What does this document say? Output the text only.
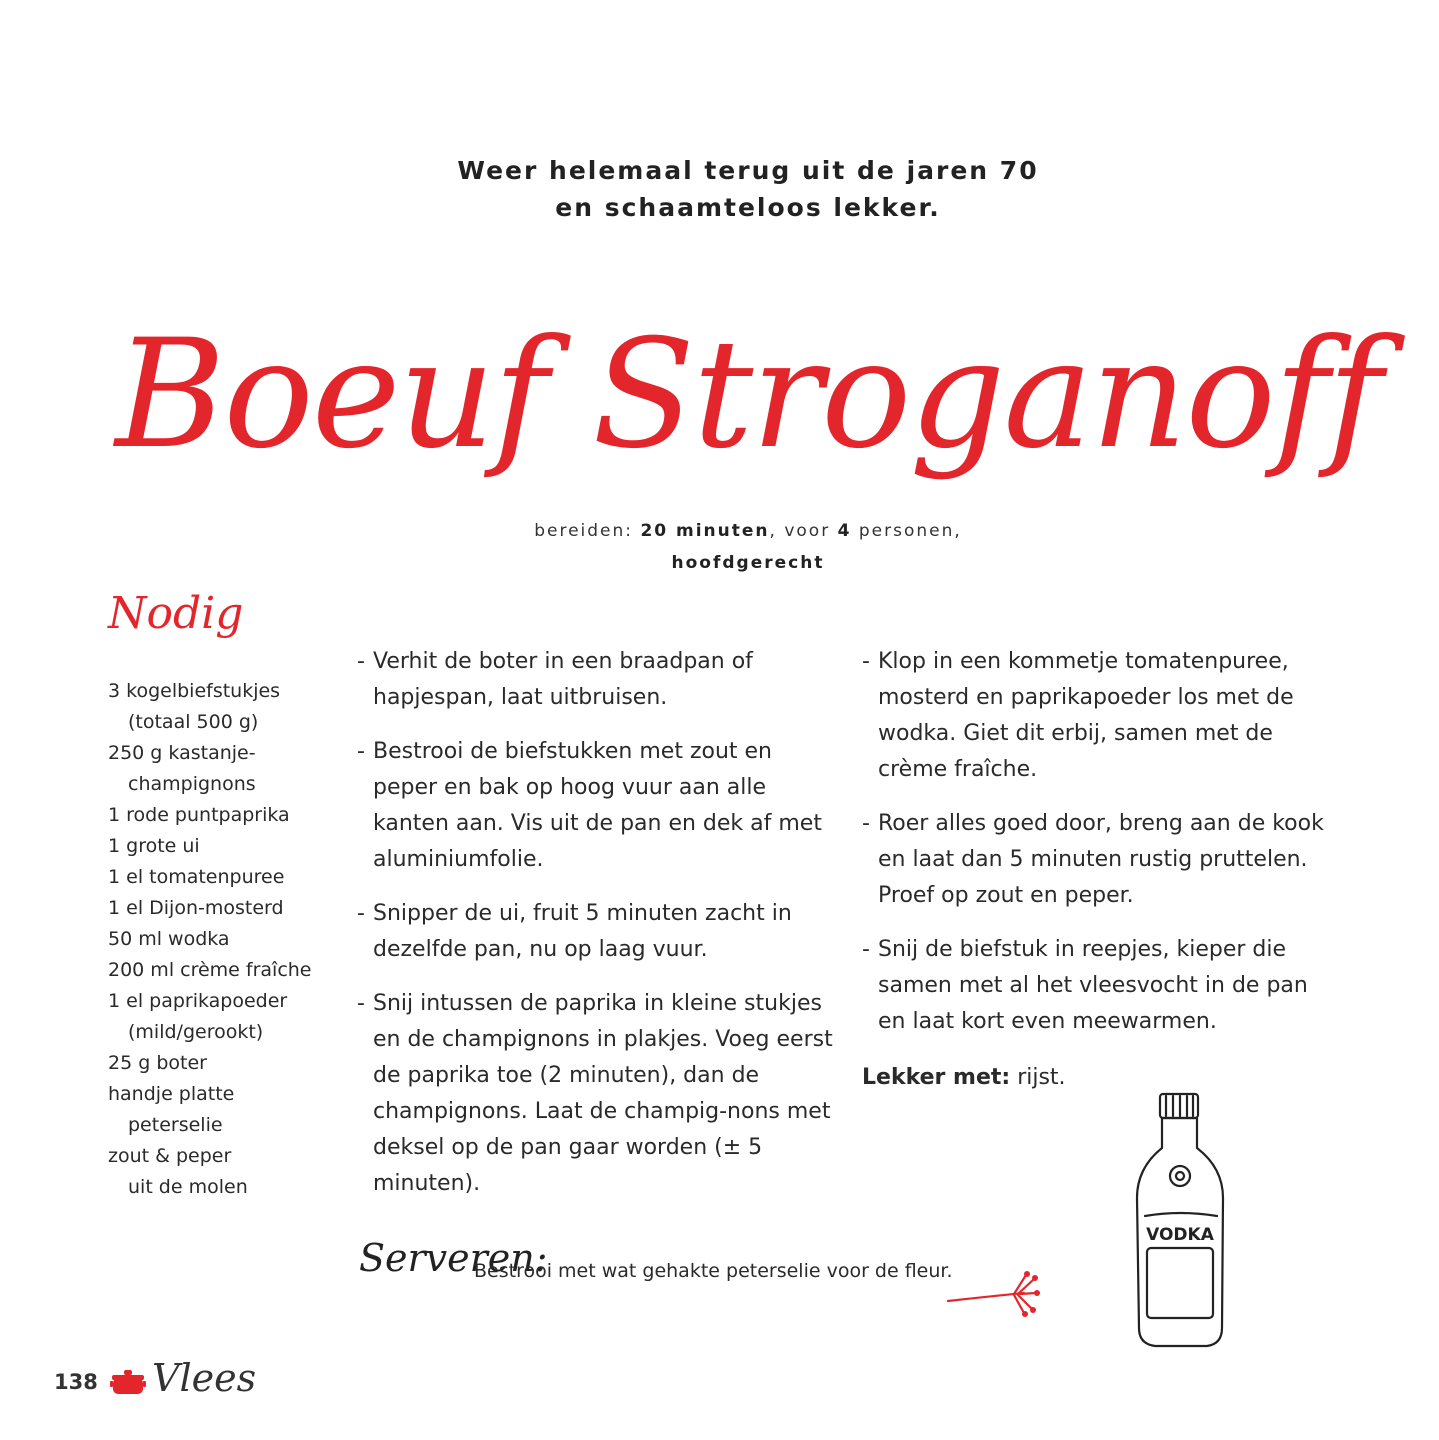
Weer helemaal terug uit de jaren 70
en schaamteloos lekker.
Boeuf Stroganoff
bereiden: 20 minuten, voor 4 personen,
hoofdgerecht
Nodig
3 kogelbiefstukjes
(totaal 500 g)
250 g kastanje-
champignons
1 rode puntpaprika
1 grote ui
1 el tomatenpuree
1 el Dijon-mosterd
50 ml wodka
200 ml crème fraîche
1 el paprikapoeder
(mild/gerookt)
25 g boter
handje platte
peterselie
zout & peper
uit de molen
- Verhit de boter in een braadpan of hapjespan, laat uitbruisen.
- Bestrooi de biefstukken met zout en peper en bak op hoog vuur aan alle kanten aan. Vis uit de pan en dek af met aluminiumfolie.
- Snipper de ui, fruit 5 minuten zacht in dezelfde pan, nu op laag vuur.
- Snij intussen de paprika in kleine stukjes en de champignons in plakjes. Voeg eerst de paprika toe (2 minuten), dan de champignons. Laat de champig-nons met deksel op de pan gaar worden (± 5 minuten).
- Klop in een kommetje tomatenpuree, mosterd en paprikapoeder los met de wodka. Giet dit erbij, samen met de crème fraîche.
- Roer alles goed door, breng aan de kook en laat dan 5 minuten rustig pruttelen. Proef op zout en peper.
- Snij de biefstuk in reepjes, kieper die samen met al het vleesvocht in de pan en laat kort even meewarmen.
Lekker met: rijst.
VODKA
Serveren:
Bestrooi met wat gehakte peterselie voor de fleur.
138 Vlees
